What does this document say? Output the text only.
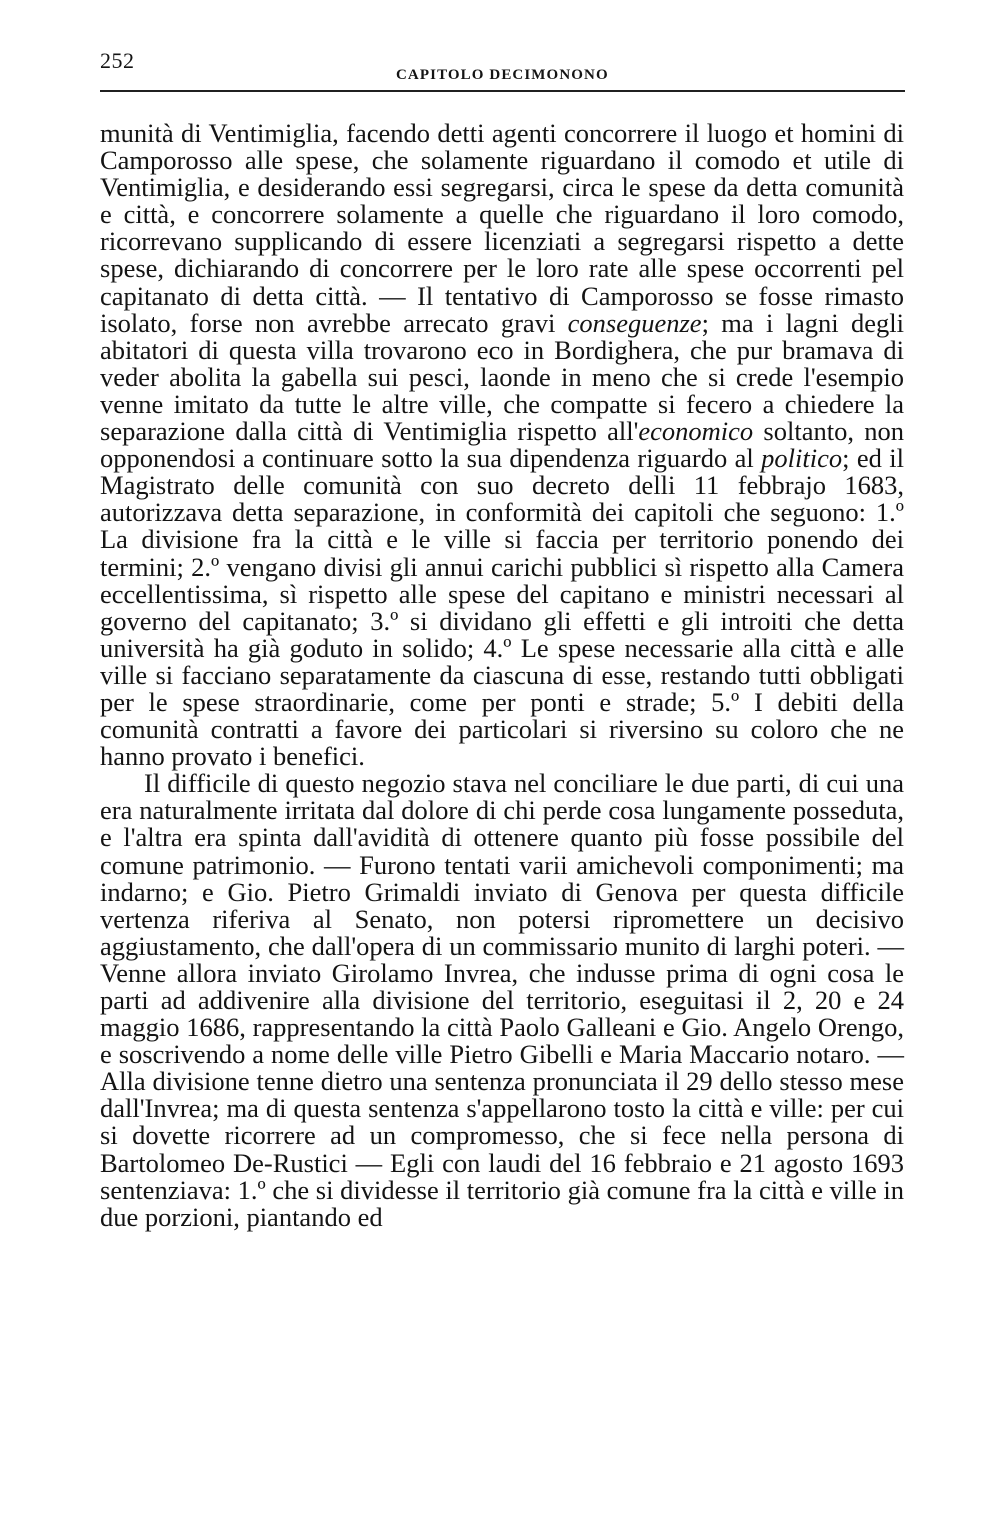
252
CAPITOLO DECIMONONO

munità di Ventimiglia, facendo detti agenti concorrere il luogo et homini di Camporosso alle spese, che solamente riguardano il comodo et utile di Ventimiglia, e desiderando essi segregarsi, circa le spese da detta comunità e città, e concorrere solamente a quelle che riguardano il loro comodo, ricorrevano supplicando di essere licenziati a segregarsi rispetto a dette spese, dichiarando di concorrere per le loro rate alle spese occorrenti pel capitanato di detta città. — Il tentativo di Camporosso se fosse rimasto isolato, forse non avrebbe arrecato gravi conseguenze; ma i lagni degli abitatori di questa villa trovarono eco in Bordighera, che pur bramava di veder abolita la gabella sui pesci, laonde in meno che si crede l'esempio venne imitato da tutte le altre ville, che compatte si fecero a chiedere la separazione dalla città di Ventimiglia rispetto all'economico soltanto, non opponendosi a continuare sotto la sua dipendenza riguardo al politico; ed il Magistrato delle comunità con suo decreto delli 11 febbrajo 1683, autorizzava detta separazione, in conformità dei capitoli che seguono: 1.º La divisione fra la città e le ville si faccia per territorio ponendo dei termini; 2.º vengano divisi gli annui carichi pubblici sì rispetto alla Camera eccellentissima, sì rispetto alle spese del capitano e ministri necessari al governo del capitanato; 3.º si dividano gli effetti e gli introiti che detta università ha già goduto in solido; 4.º Le spese necessarie alla città e alle ville si facciano separatamente da ciascuna di esse, restando tutti obbligati per le spese straordinarie, come per ponti e strade; 5.º I debiti della comunità contratti a favore dei particolari si riversino su coloro che ne hanno provato i benefici.

Il difficile di questo negozio stava nel conciliare le due parti, di cui una era naturalmente irritata dal dolore di chi perde cosa lungamente posseduta, e l'altra era spinta dall'avidità di ottenere quanto più fosse possibile del comune patrimonio. — Furono tentati varii amichevoli componimenti; ma indarno; e Gio. Pietro Grimaldi inviato di Genova per questa difficile vertenza riferiva al Senato, non potersi ripromettere un decisivo aggiustamento, che dall'opera di un commissario munito di larghi poteri. — Venne allora inviato Girolamo Invrea, che indusse prima di ogni cosa le parti ad addivenire alla divisione del territorio, eseguitasi il 2, 20 e 24 maggio 1686, rappresentando la città Paolo Galleani e Gio. Angelo Orengo, e soscrivendo a nome delle ville Pietro Gibelli e Maria Maccario notaro. — Alla divisione tenne dietro una sentenza pronunciata il 29 dello stesso mese dall'Invrea; ma di questa sentenza s'appellarono tosto la città e ville: per cui si dovette ricorrere ad un compromesso, che si fece nella persona di Bartolomeo De-Rustici — Egli con laudi del 16 febbraio e 21 agosto 1693 sentenziava: 1.º che si dividesse il territorio già comune fra la città e ville in due porzioni, piantando ed
